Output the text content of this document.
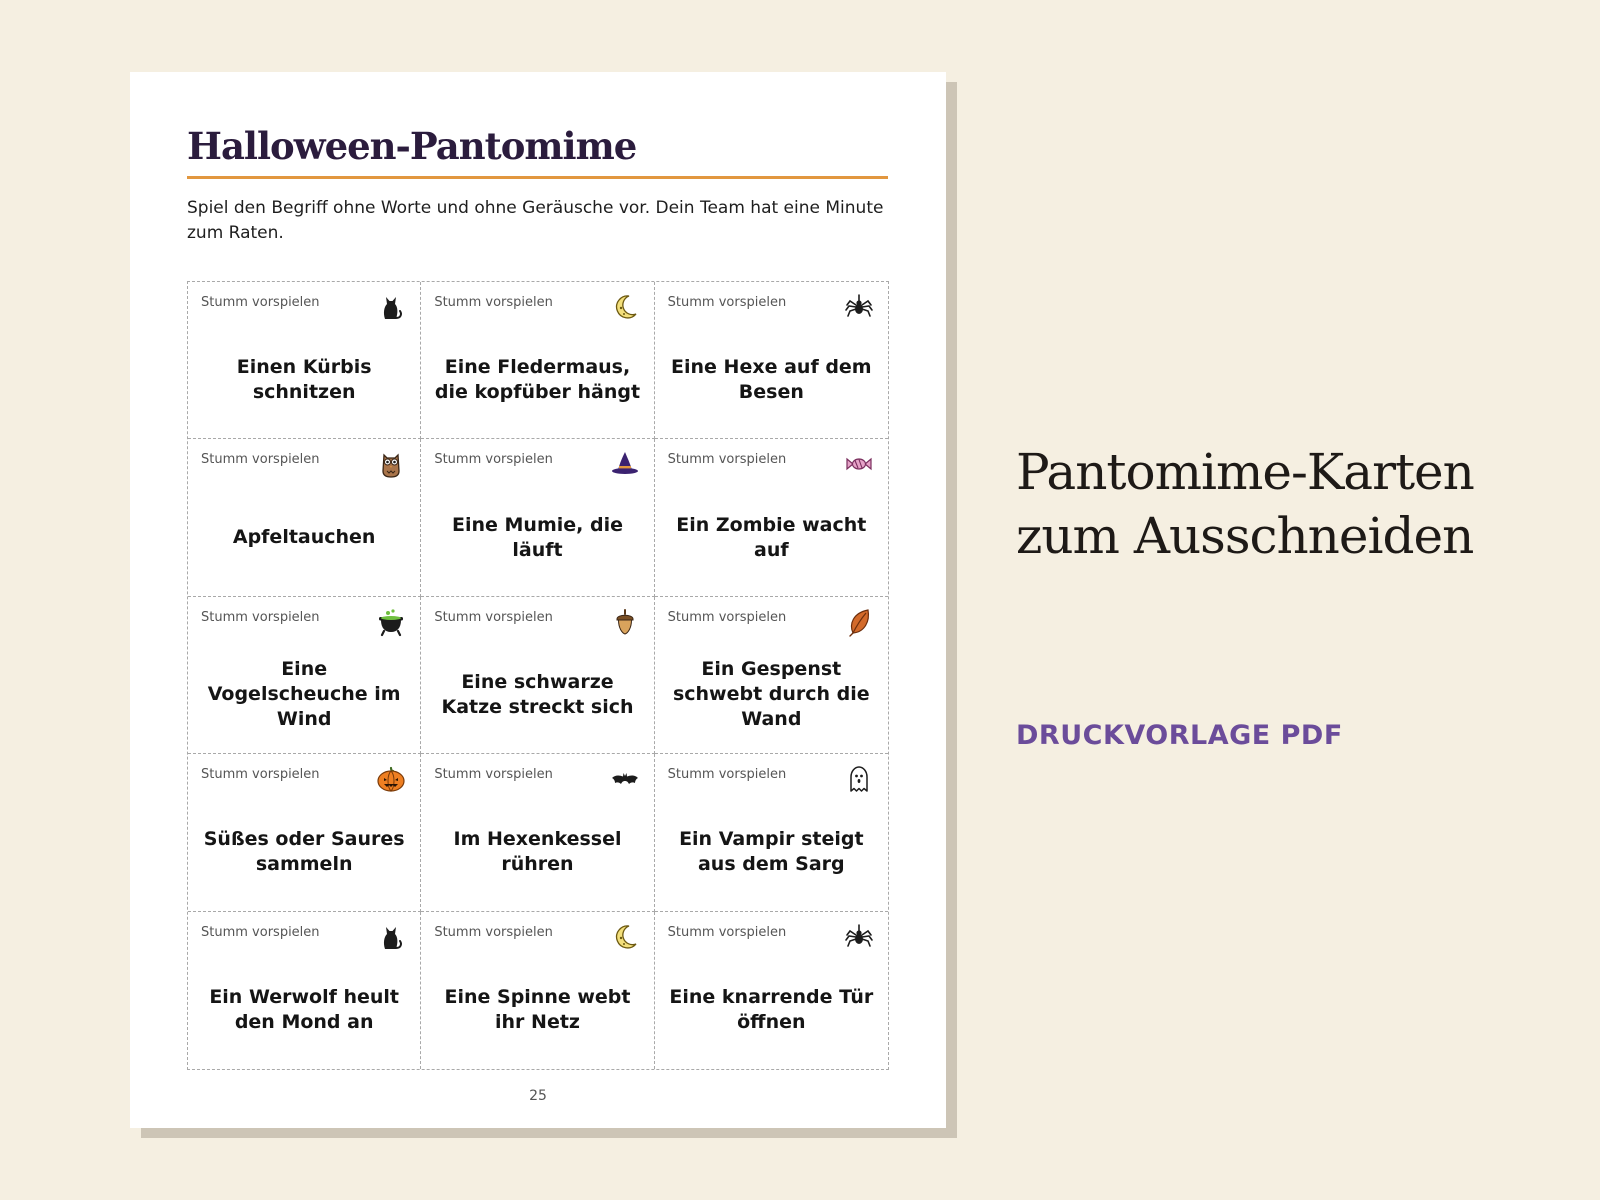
Halloween-Pantomime
Spiel den Begriff ohne Worte und ohne Geräusche vor. Dein Team hat eine Minute zum Raten.
Stumm vorspielen
Einen Kürbis schnitzen
Stumm vorspielen
Eine Fledermaus, die kopfüber hängt
Stumm vorspielen
Eine Hexe auf dem Besen
Stumm vorspielen
Apfeltauchen
Stumm vorspielen
Eine Mumie, die läuft
Stumm vorspielen
Ein Zombie wacht auf
Stumm vorspielen
Eine Vogelscheuche im Wind
Stumm vorspielen
Eine schwarze Katze streckt sich
Stumm vorspielen
Ein Gespenst schwebt durch die Wand
Stumm vorspielen
Süßes oder Saures sammeln
Stumm vorspielen
Im Hexenkessel rühren
Stumm vorspielen
Ein Vampir steigt aus dem Sarg
Stumm vorspielen
Ein Werwolf heult den Mond an
Stumm vorspielen
Eine Spinne webt ihr Netz
Stumm vorspielen
Eine knarrende Tür öffnen
25
Pantomime-Karten
zum Ausschneiden
DRUCKVORLAGE PDF
